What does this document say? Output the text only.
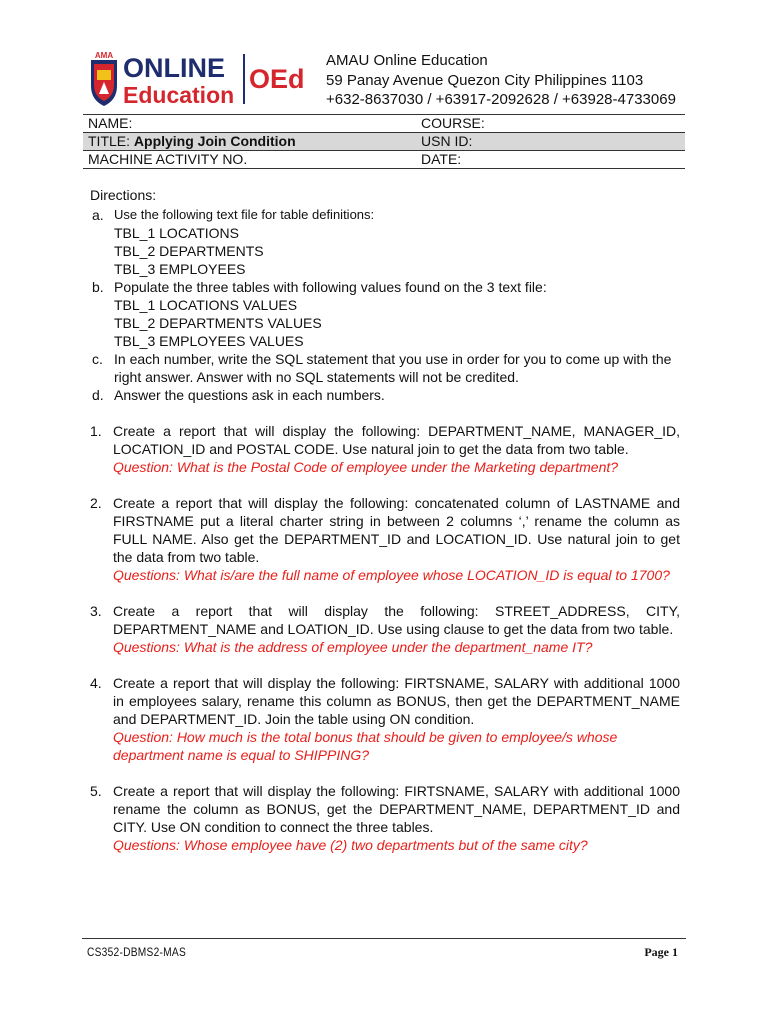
AMA ONLINE
Education
OEd
AMAU Online Education
59 Panay Avenue Quezon City Philippines 1103
+632-8637030 / +63917-2092628 / +63928-4733069
NAME:	COURSE:
TITLE: Applying Join Condition	USN ID:
MACHINE ACTIVITY NO.	DATE:
Directions:
a. Use the following text file for table definitions:
TBL_1 LOCATIONS
TBL_2 DEPARTMENTS
TBL_3 EMPLOYEES
b. Populate the three tables with following values found on the 3 text file:
TBL_1 LOCATIONS VALUES
TBL_2 DEPARTMENTS VALUES
TBL_3 EMPLOYEES VALUES
c. In each number, write the SQL statement that you use in order for you to come up with the right answer. Answer with no SQL statements will not be credited.
d. Answer the questions ask in each numbers.
1. Create a report that will display the following: DEPARTMENT_NAME, MANAGER_ID, LOCATION_ID and POSTAL CODE. Use natural join to get the data from two table.
Question: What is the Postal Code of employee under the Marketing department?
2. Create a report that will display the following: concatenated column of LASTNAME and FIRSTNAME put a literal charter string in between 2 columns ‘,’ rename the column as FULL NAME. Also get the DEPARTMENT_ID and LOCATION_ID. Use natural join to get the data from two table.
Questions: What is/are the full name of employee whose LOCATION_ID is equal to 1700?
3. Create a report that will display the following: STREET_ADDRESS, CITY, DEPARTMENT_NAME and LOATION_ID. Use using clause to get the data from two table.
Questions: What is the address of employee under the department_name IT?
4. Create a report that will display the following: FIRTSNAME, SALARY with additional 1000 in employees salary, rename this column as BONUS, then get the DEPARTMENT_NAME and DEPARTMENT_ID. Join the table using ON condition.
Question: How much is the total bonus that should be given to employee/s whose department name is equal to SHIPPING?
5. Create a report that will display the following: FIRTSNAME, SALARY with additional 1000 rename the column as BONUS, get the DEPARTMENT_NAME, DEPARTMENT_ID and CITY. Use ON condition to connect the three tables.
Questions: Whose employee have (2) two departments but of the same city?
CS352-DBMS2-MAS	Page 1
